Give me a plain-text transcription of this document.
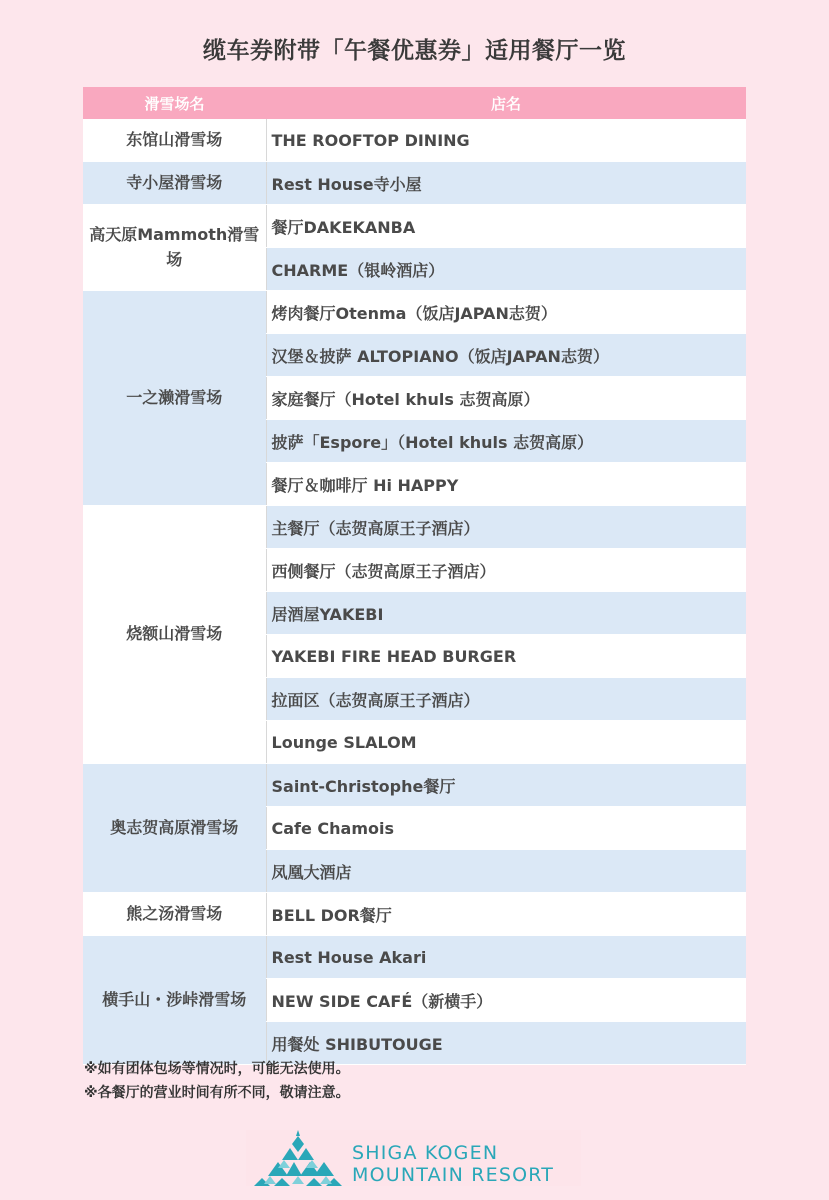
缆车券附带「午餐优惠券」适用餐厅一览
滑雪场名	店名
东馆山滑雪场	THE ROOFTOP DINING
寺小屋滑雪场	Rest House寺小屋
高天原Mammoth滑雪场	餐厅DAKEKANBA
	CHARME（银岭酒店）
一之濑滑雪场	烤肉餐厅Otenma（饭店JAPAN志贺）
	汉堡＆披萨 ALTOPIANO（饭店JAPAN志贺）
	家庭餐厅（Hotel khuls 志贺高原）
	披萨「Espore」（Hotel khuls 志贺高原）
	餐厅＆咖啡厅 Hi HAPPY
烧额山滑雪场	主餐厅（志贺高原王子酒店）
	西侧餐厅（志贺高原王子酒店）
	居酒屋YAKEBI
	YAKEBI FIRE HEAD BURGER
	拉面区（志贺高原王子酒店）
	Lounge SLALOM
奥志贺高原滑雪场	Saint-Christophe餐厅
	Cafe Chamois
	凤凰大酒店
熊之汤滑雪场	BELL DOR餐厅
横手山・涉峠滑雪场	Rest House Akari
	NEW SIDE CAFÉ（新横手）
	用餐处 SHIBUTOUGE
※如有团体包场等情况时，可能无法使用。
※各餐厅的营业时间有所不同，敬请注意。
SHIGA KOGEN
MOUNTAIN RESORT
